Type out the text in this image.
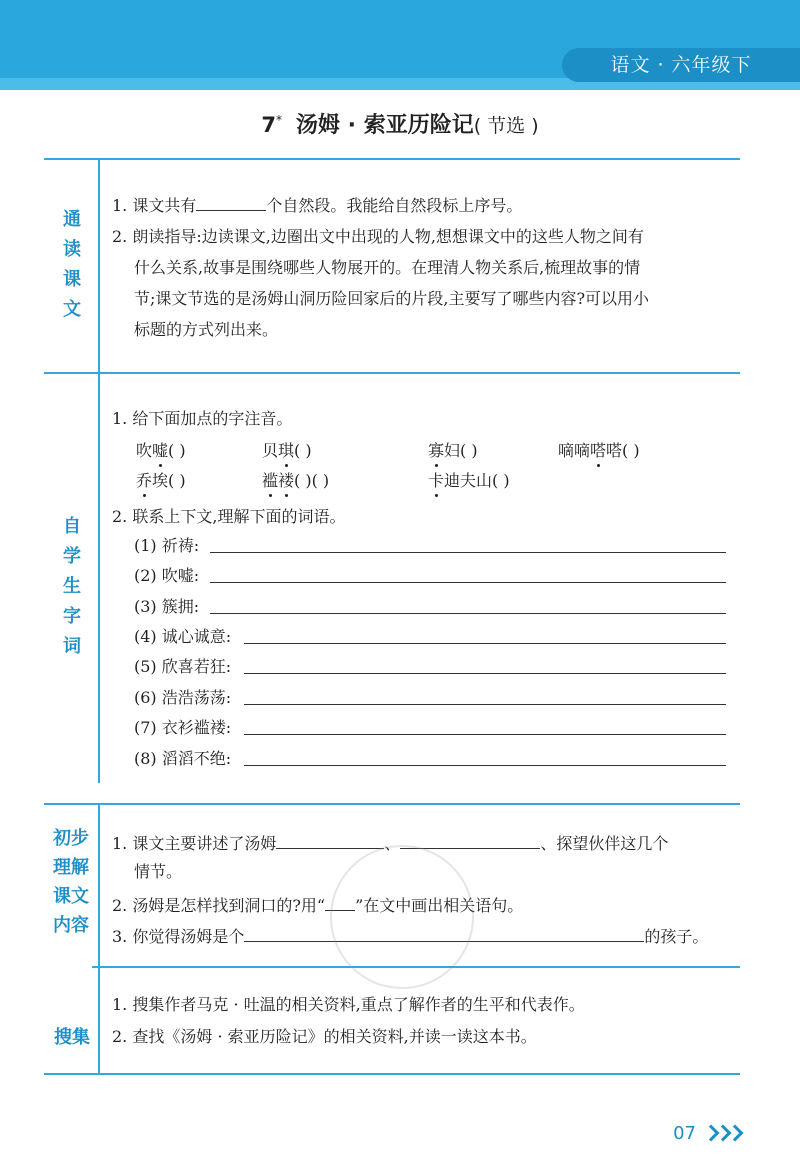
语文 · 六年级下
7* 汤姆 · 索亚历险记( 节选 )
通
读
课
文
1. 课文共有	个自然段。我能给自然段标上序号。
2. 朗读指导:边读课文,边圈出文中出现的人物,想想课文中的这些人物之间有
什么关系,故事是围绕哪些人物展开的。在理清人物关系后,梳理故事的情
节;课文节选的是汤姆山洞历险回家后的片段,主要写了哪些内容?可以用小
标题的方式列出来。
自
学
生
字
词
1. 给下面加点的字注音。
吹嘘( )	贝琪( )	寡妇( )	嘀嘀嗒嗒( )
乔埃( )	褴褛( )( )	卡迪夫山( )
2. 联系上下文,理解下面的词语。
(1) 祈祷:
(2) 吹嘘:
(3) 簇拥:
(4) 诚心诚意:
(5) 欣喜若狂:
(6) 浩浩荡荡:
(7) 衣衫褴褛:
(8) 滔滔不绝:
初步
理解
课文
内容
1. 课文主要讲述了汤姆	、	、探望伙伴这几个
情节。
2. 汤姆是怎样找到洞口的?用“ ”在文中画出相关语句。
3. 你觉得汤姆是个	的孩子。
搜集
1. 搜集作者马克 · 吐温的相关资料,重点了解作者的生平和代表作。
2. 查找《汤姆 · 索亚历险记》的相关资料,并读一读这本书。
07
